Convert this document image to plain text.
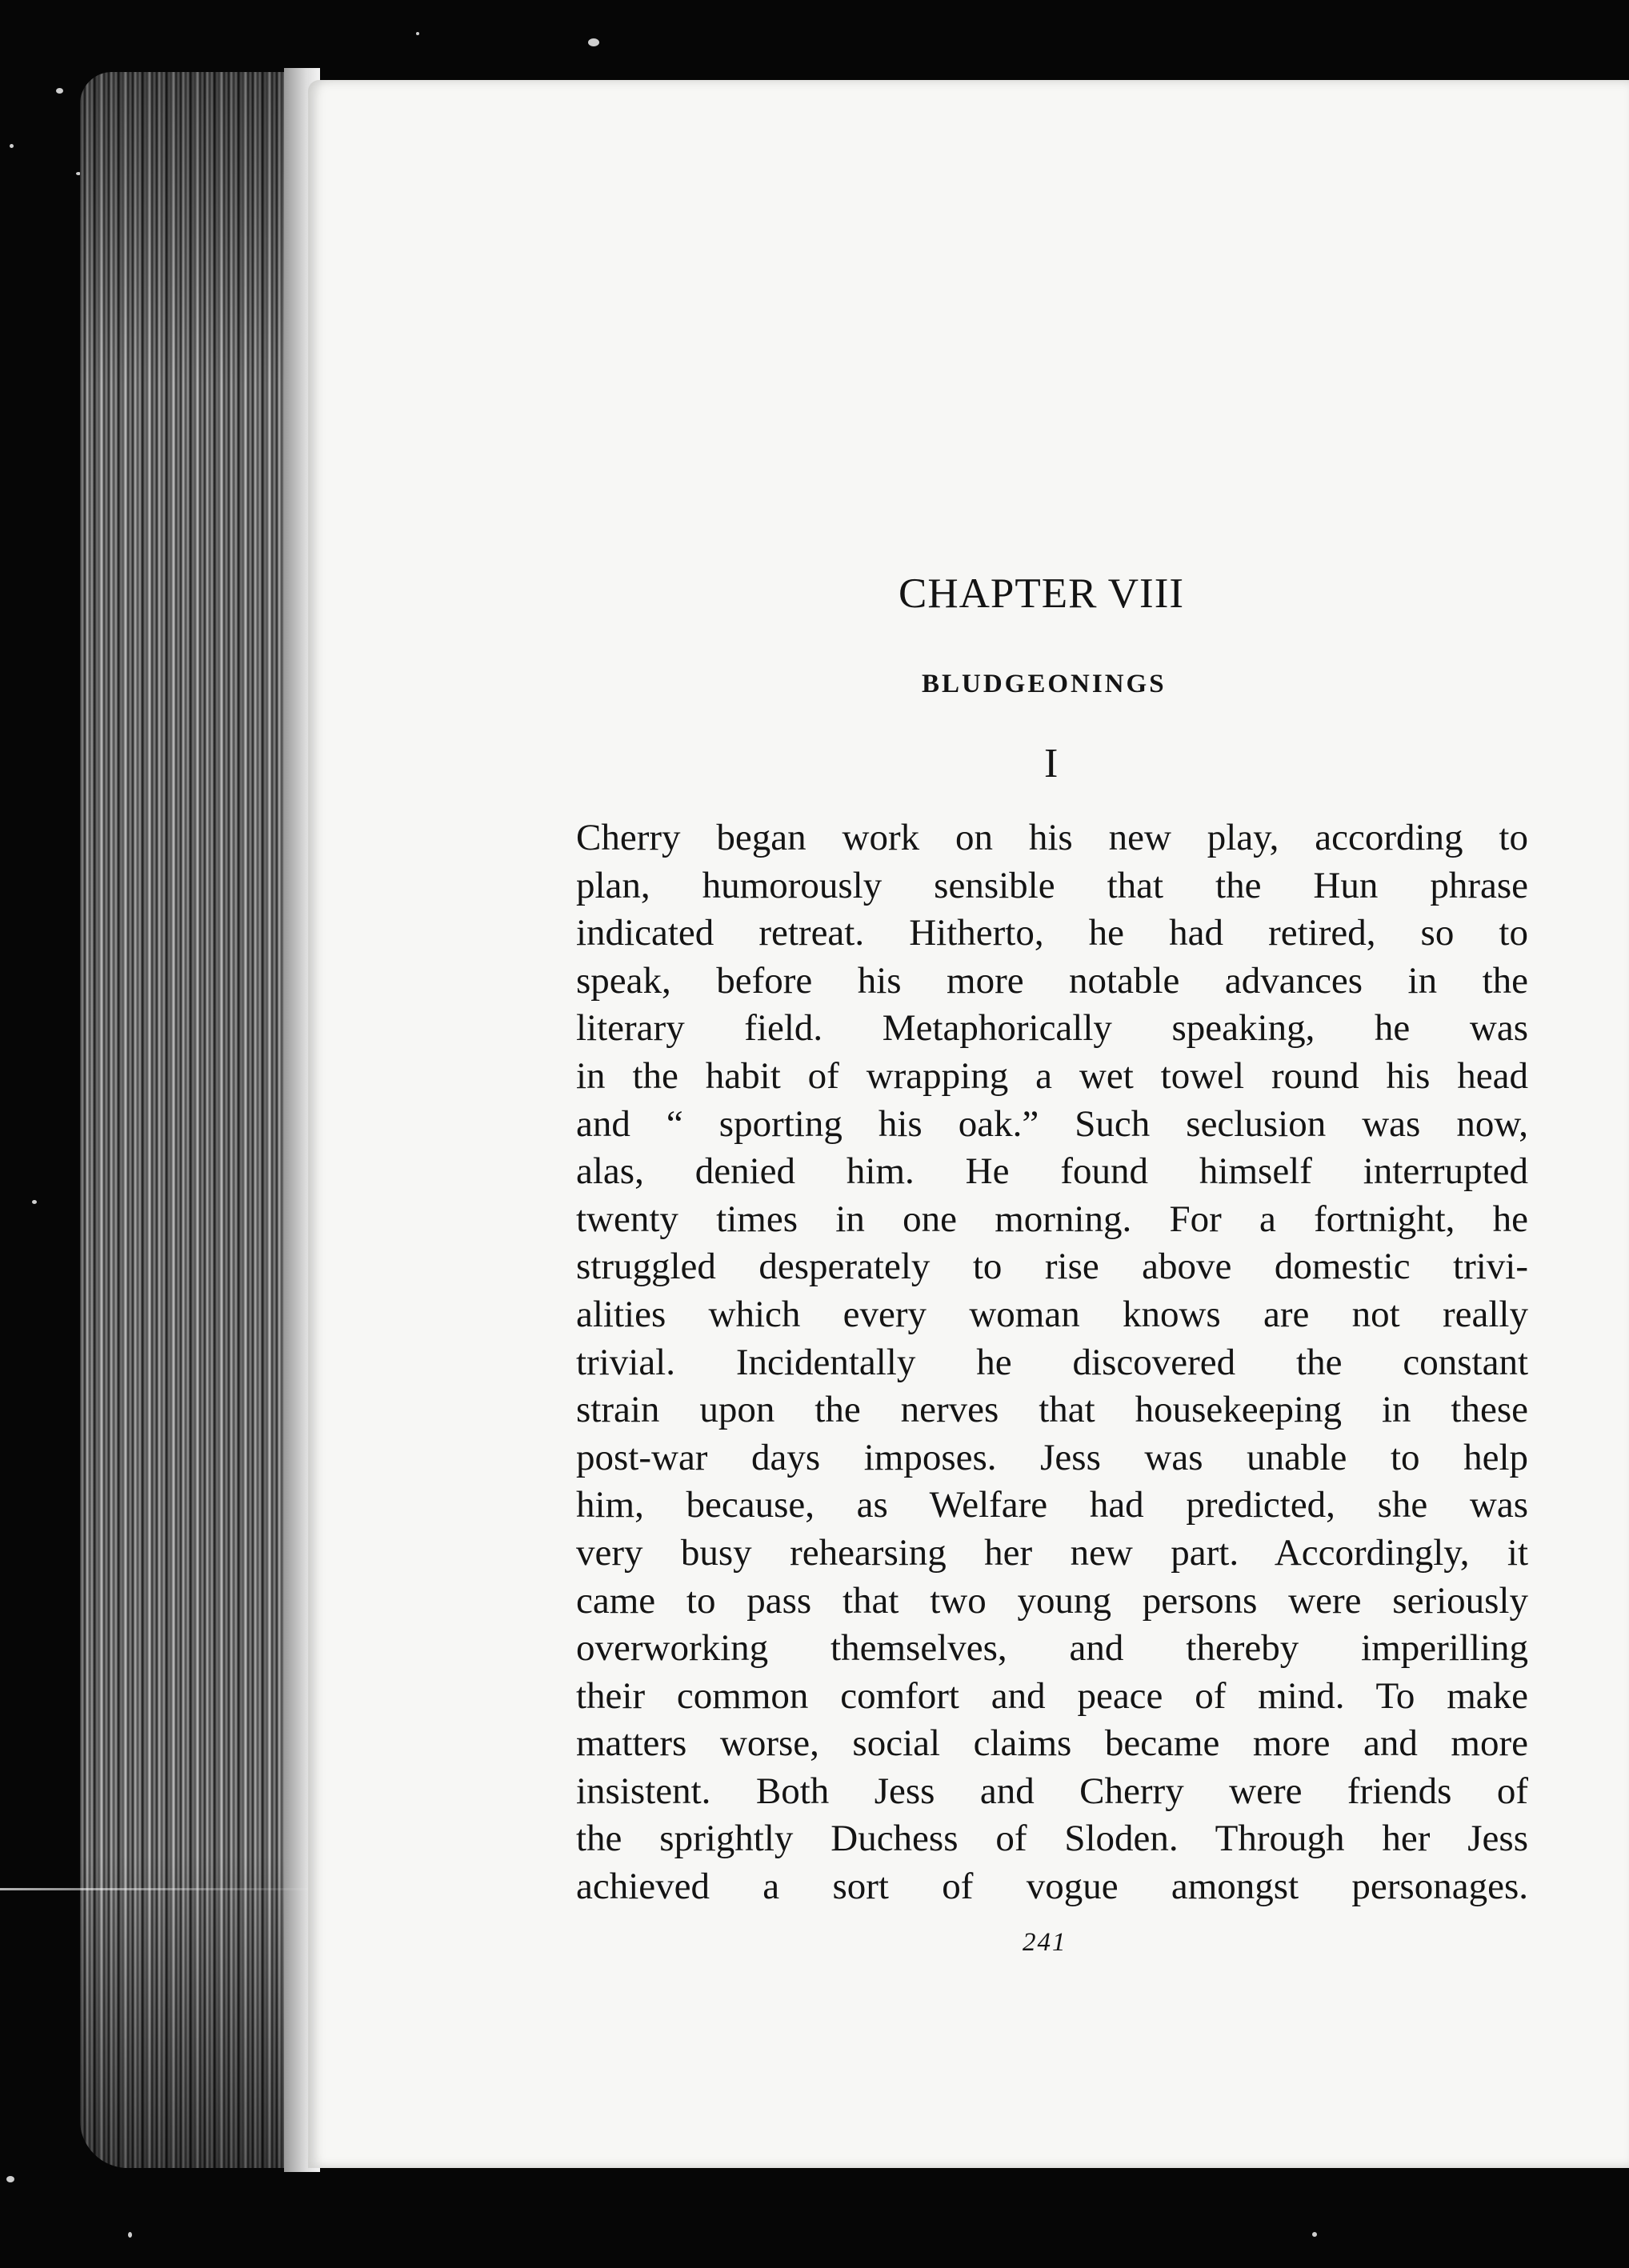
CHAPTER VIII
BLUDGEONINGS
I
Cherry began work on his new play, according to
plan, humorously sensible that the Hun phrase
indicated retreat. Hitherto, he had retired, so to
speak, before his more notable advances in the
literary field. Metaphorically speaking, he was
in the habit of wrapping a wet towel round his head
and “ sporting his oak.” Such seclusion was now,
alas, denied him. He found himself interrupted
twenty times in one morning. For a fortnight, he
struggled desperately to rise above domestic trivi-
alities which every woman knows are not really
trivial. Incidentally he discovered the constant
strain upon the nerves that housekeeping in these
post-war days imposes. Jess was unable to help
him, because, as Welfare had predicted, she was
very busy rehearsing her new part. Accordingly, it
came to pass that two young persons were seriously
overworking themselves, and thereby imperilling
their common comfort and peace of mind. To make
matters worse, social claims became more and more
insistent. Both Jess and Cherry were friends of
the sprightly Duchess of Sloden. Through her Jess
achieved a sort of vogue amongst personages.
241
